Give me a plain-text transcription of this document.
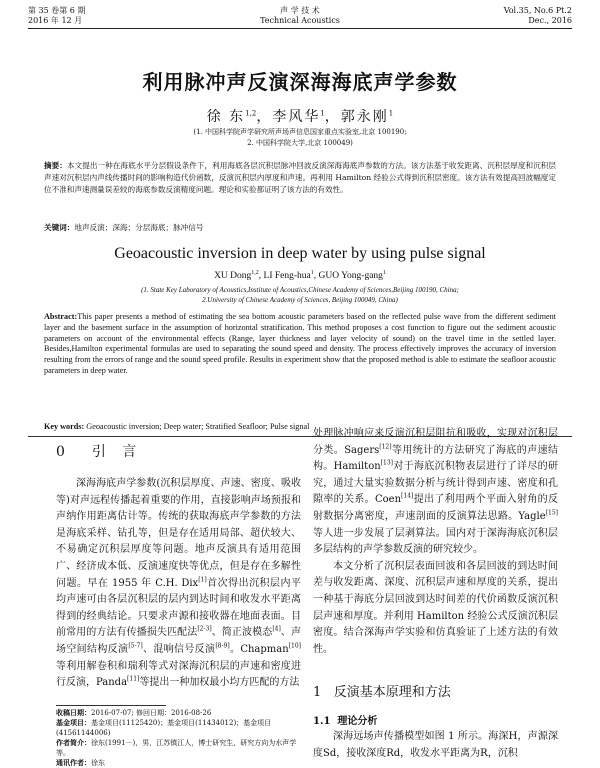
第 35 卷第 6 期
2016 年 12 月
声 学 技 术
Technical Acoustics
Vol.35, No.6 Pt.2
Dec., 2016
利用脉冲声反演深海海底声学参数
徐 东$^{1,2}$，李风华$^1$，郭永刚$^1$
(1. 中国科学院声学研究所声场声信息国家重点实验室,北京 100190;
2. 中国科学院大学,北京 100049)
摘要：本文提出一种在海底水平分层假设条件下，利用海底各层沉积层脉冲回波反演深海海底声参数的方法。该方法基于收发距离、沉积层厚度和沉积层声速对沉积层内声线传播时间的影响构造代价函数，反演沉积层内厚度和声速。再利用 Hamilton 经验公式得到沉积层密度。该方法有效提高回波幅度定位不准和声速测量误差较的海底参数反演精度问题。理论和实验都证明了该方法的有效性。
关键词：地声反演；深海；分层海底；脉冲信号
Geoacoustic inversion in deep water by using pulse signal
XU Dong$^{1,2}$, LI Feng-hua$^1$, GUO Yong-gang$^1$
(1. State Key Laboratory of Acoustics,Institute of Acoustics,Chinese Academy of Sciences,Beijing 100190, China;
2.University of Chinese Academy of Sciences, Beijing 100049, China)
Abstract:This paper presents a method of estimating the sea bottom acoustic parameters based on the reflected pulse wave from the different sediment layer and the basement surface in the assumption of horizontal stratification. This method proposes a cost function to figure out the sediment acoustic parameters on account of the environmental effects (Range, layer thickness and layer velocity of sound) on the travel time in the settled layer. Besides,Hamilton experimental formulas are used to separating the sound speed and density. The process effectively improves the accuracy of inversion resulting from the errors of range and the sound speed profile. Results in experiment show that the proposed method is able to estimate the seafloor acoustic parameters in deep water.
Key words: Geoacoustic inversion; Deep water; Stratified Seafloor; Pulse signal
0 引 言

深海海底声学参数(沉积层厚度、声速、密度、吸收等)对声远程传播起着重要的作用，直接影响声场预报和声纳作用距离估计等。传统的获取海底声学参数的方法是海底采样、钻孔等，但是存在适用局部、超伏较大、不易确定沉积层厚度等问题。地声反演具有适用范围广、经济成本低、反演速度快等优点，但是存在多解性问题。早在 1955 年 C.H. Dix[1]首次得出沉积层内平均声速可由各层沉积层的层内到达时间和收发水平距离得到的经典结论。只要求声源和接收器在地面表面。目前常用的方法有传播损失匹配法[2-3]、简正波模态[4]、声场空间结构反演[5-7]、混响信号反演[8-9]。Chapman[10]等利用解卷积和瑞利等式对深海沉积层的声速和密度进行反演，Panda[11]等提出一种加权最小均方匹配的方法

处理脉冲响应来反演沉积层阻抗和吸收，实现对沉积层分类。Sagers[12]等用统计的方法研究了海底的声速结构。Hamilton[13]对于海底沉积物表层进行了详尽的研究，通过大量实验数据分析与统计得到声速、密度和孔隙率的关系。Coen[14]提出了利用两个平面入射角的反射数据分离密度，声速剖面的反演算法思路。Yagle[15]等人进一步发展了层剥算法。国内对于深海海底沉积层多层结构的声学参数反演的研究较少。

本文分析了沉积层表面回波和各层回波的到达时间差与收发距离、深度、沉积层声速和厚度的关系，提出一种基于海底分层回波到达时间差的代价函数反演沉积层声速和厚度。并利用 Hamilton 经验公式反演沉积层密度。结合深海声学实验和仿真验证了上述方法的有效性。

1 反演基本原理和方法
1.1 理论分析

深海远场声传播模型如图 1 所示。海深H，声源深度Sd，接收深度Rd，收发水平距离为R，沉积

收稿日期：2016-07-07; 修回日期：2016-08-26
基金项目：基金项目(11125420)；基金项目(11434012)；基金项目(41561144006)
作者简介：徐东(1991－)，男，江苏镇江人，博士研究生，研究方向为水声学等。
通讯作者：徐东
